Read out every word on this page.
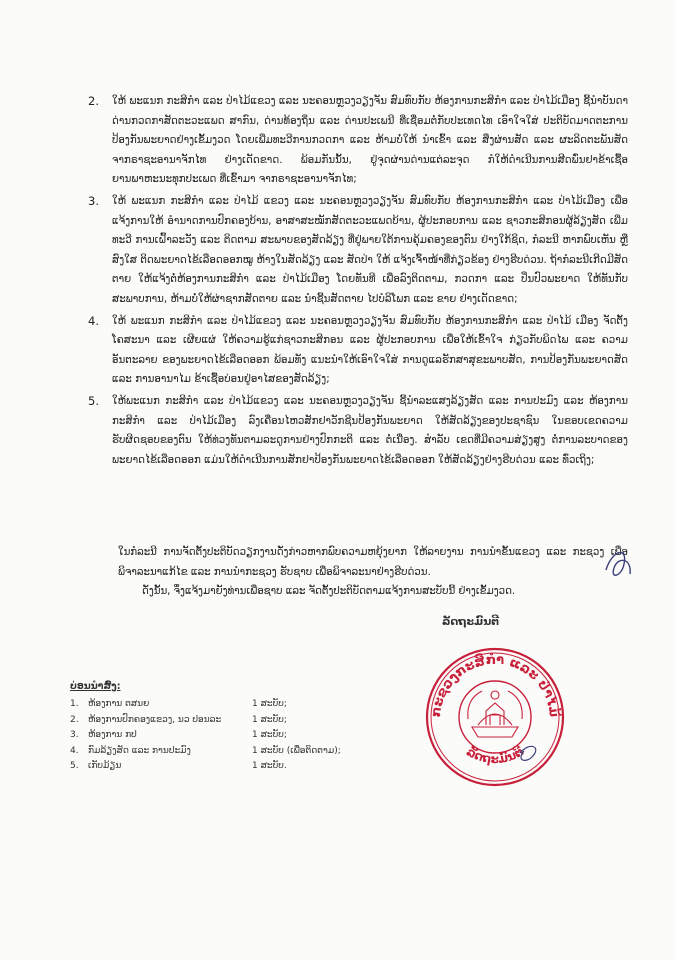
2.	ໃຫ້ ພະແນກ ກະສິກຳ ແລະ ປ່າໄມ້ແຂວງ ແລະ ນະຄອນຫຼວງວຽງຈັນ ສົມທົບກັບ ຫ້ອງການກະສິກຳ ແລະ ປ່າໄມ້ເມືອງ ຊີ້ນຳບັນດາ ດ່ານກວດກາສັດຕະວະແພດ ສາກົນ, ດ່ານທ້ອງຖິ່ນ ແລະ ດ່ານປະເພນີ ທີ່ເຊື່ອມຕໍ່ກັບປະເທດໄທ ເອົາໃຈໃສ່ ປະຕິບັດມາດຕະການ ປ້ອງກັນພະຍາດຢ່າງເຂັ້ມງວດ ໂດຍເພີ່ມທະວີການກວດກາ ແລະ ຫ້າມບໍ່ໃຫ້ ນຳເຂົ້າ ແລະ ສິ່ງຜ່ານສັດ ແລະ ຜະລິດຕະພັນສັດ ຈາກຣາຊະອານາຈັກໄທ ຢ່າງເດັດຂາດ. ພ້ອມກັນນັ້ນ, ຢູ່ຈຸດຜ່ານດ່ານແຕ່ລະຈຸດ ກໍໃຫ້ດຳເນີນການສີດພົ່ນຢາຂ້າເຊື້ອ ຍານພາຫະນະທຸກປະເພດ ທີ່ເຂົ້າມາ ຈາກຣາຊະອານາຈັກໄທ;
3.	ໃຫ້ ພະແນກ ກະສິກຳ ແລະ ປ່າໄມ້ ແຂວງ ແລະ ນະຄອນຫຼວງວຽງຈັນ ສົມທົບກັບ ຫ້ອງການກະສິກຳ ແລະ ປ່າໄມ້ເມືອງ ເພື່ອແຈ້ງການໃຫ້ ອຳນາດການປົກຄອງບ້ານ, ອາສາສະໝັກສັດຕະວະແພດບ້ານ, ຜູ້ປະກອບການ ແລະ ຊາວກະສິກອນຜູ້ລ້ຽງສັດ ເພີ່ມທະວີ ການເຝົ້າລະວັງ ແລະ ຕິດຕາມ ສະພາບຂອງສັດລ້ຽງ ທີ່ຢູ່ພາຍໃຕ້ການຄຸ້ມຄອງຂອງຕົນ ຢ່າງໃກ້ຊິດ, ກໍລະນີ ຫາກພົບເຫັນ ຫຼື ສົງໃສ ຕິດພະຍາດໄຂ້ເລືອດອອກໝູ ຫ້າງໃນສັດລ້ຽງ ແລະ ສັດປ່າ ໃຫ້ ແຈ້ງເຈົ້າໜ້າທີ່ກ່ຽວຂ້ອງ ຢ່າງຮີບດ່ວນ. ຖ້າກໍລະນີເກີດມີສັດຕາຍ ໃຫ້ແຈ້ງຕໍ່ຫ້ອງການກະສິກຳ ແລະ ປ່າໄມ້ເມືອງ ໂດຍທັນທີ ເພື່ອລົງຕິດຕາມ, ກວດກາ ແລະ ປິ່ນປົວພະຍາດ ໃຫ້ທັນກັບສະພາບການ, ຫ້າມບໍ່ໃຫ້ຜ່າຊາກສັດຕາຍ ແລະ ນຳຊີ້ນສັດຕາຍ ໄປບໍລິໂພກ ແລະ ຂາຍ ຢ່າງເດັດຂາດ;
4.	ໃຫ້ ພະແນກ ກະສິກຳ ແລະ ປ່າໄມ້ແຂວງ ແລະ ນະຄອນຫຼວງວຽງຈັນ ສົມທົບກັບ ຫ້ອງການກະສິກຳ ແລະ ປ່າໄມ້ ເມືອງ ຈັດຕັ້ງໂຄສະນາ ແລະ ເຜີຍແຜ່ ໃຫ້ຄວາມຮູ້ແກ່ຊາວກະສິກອນ ແລະ ຜູ້ປະກອບການ ເພື່ອໃຫ້ເຂົ້າໃຈ ກ່ຽວກັບພິດໄພ ແລະ ຄວາມອັນຕະລາຍ ຂອງພະຍາດໄຂ້ເລືອດອອກ ພ້ອມທັງ ແນະນຳໃຫ້ເອົາໃຈໃສ່ ການດູແລຮັກສາສຸຂະພາບສັດ, ການປ້ອງກັນພະຍາດສັດ ແລະ ການອານາໄມ ຂ້າເຊື້ອບ່ອນຢູ່ອາໄສຂອງສັດລ້ຽງ;
5.	ໃຫ້ພະແນກ ກະສິກຳ ແລະ ປ່າໄມ້ແຂວງ ແລະ ນະຄອນຫຼວງວຽງຈັນ ຊີ້ນຳລະແສງລ້ຽງສັດ ແລະ ການປະມົງ ແລະ ຫ້ອງການກະສິກຳ ແລະ ປ່າໄມ້ເມືອງ ລົງເຄື່ອນໄຫວສັກຢາວັກຊີນປ້ອງກັນພະຍາດ ໃຫ້ສັດລ້ຽງຂອງປະຊາຊົນ ໃນຂອບເຂດຄວາມຮັບຜິດຊອບຂອງຕົນ ໃຫ້ທ່ວງທັນຕາມລະດູການຢ່າງປົກກະຕິ ແລະ ຕໍ່ເນື່ອງ. ສຳລັບ ເຂດທີ່ມີຄວາມສ່ຽງສູງ ຕໍ່ການລະບາດຂອງພະຍາດໄຂ້ເລືອດອອກ ແມ່ນໃຫ້ດຳເນີນການສັກຢາປ້ອງກັນພະຍາດໄຂ້ເລືອດອອກ ໃຫ້ສັດລ້ຽງຢ່າງຮີບດ່ວນ ແລະ ທົ່ວເຖິງ;

ໃນກໍລະນີ ການຈັດຕັ້ງປະຕິບັດວຽກງານດັ່ງກ່າວຫາກພົບຄວາມຫຍຸ້ງຍາກ ໃຫ້ລາຍງານ ການນຳຂັ້ນແຂວງ ແລະ ກະຊວງ ເພື່ອພິຈາລະນາແກ້ໄຂ ແລະ ການນຳກະຊວງ ຮັບຊາບ ເພື່ອພິຈາລະນາຢ່າງຮີບດ່ວນ.

ດັ່ງນັ້ນ, ຈຶ່ງແຈ້ງມາຍັງທ່ານເພື່ອຊາບ ແລະ ຈັດຕັ້ງປະຕິບັດຕາມແຈ້ງການສະບັບນີ້ ຢ່າງເຂັ້ມງວດ.

ລັດຖະມົນຕີ
ກະຊວງກະສິກຳ ແລະ ປ່າໄມ້
ລັດຖະມົນຕີ
ບ່ອນນຳສົ່ງ:
1.	ຫ້ອງການ ຕສນຍ	1 ສະບັບ;
2.	ຫ້ອງການປົກຄອງແຂວງ, ນວ ປອນລະ	1 ສະບັບ;
3.	ຫ້ອງການ ກປ	1 ສະບັບ;
4.	ກົມລ້ຽງສັດ ແລະ ການປະມົງ	1 ສະບັບ (ເພື່ອຕິດຕາມ);
5.	ເກັບມ້ຽນ	1 ສະບັບ.
